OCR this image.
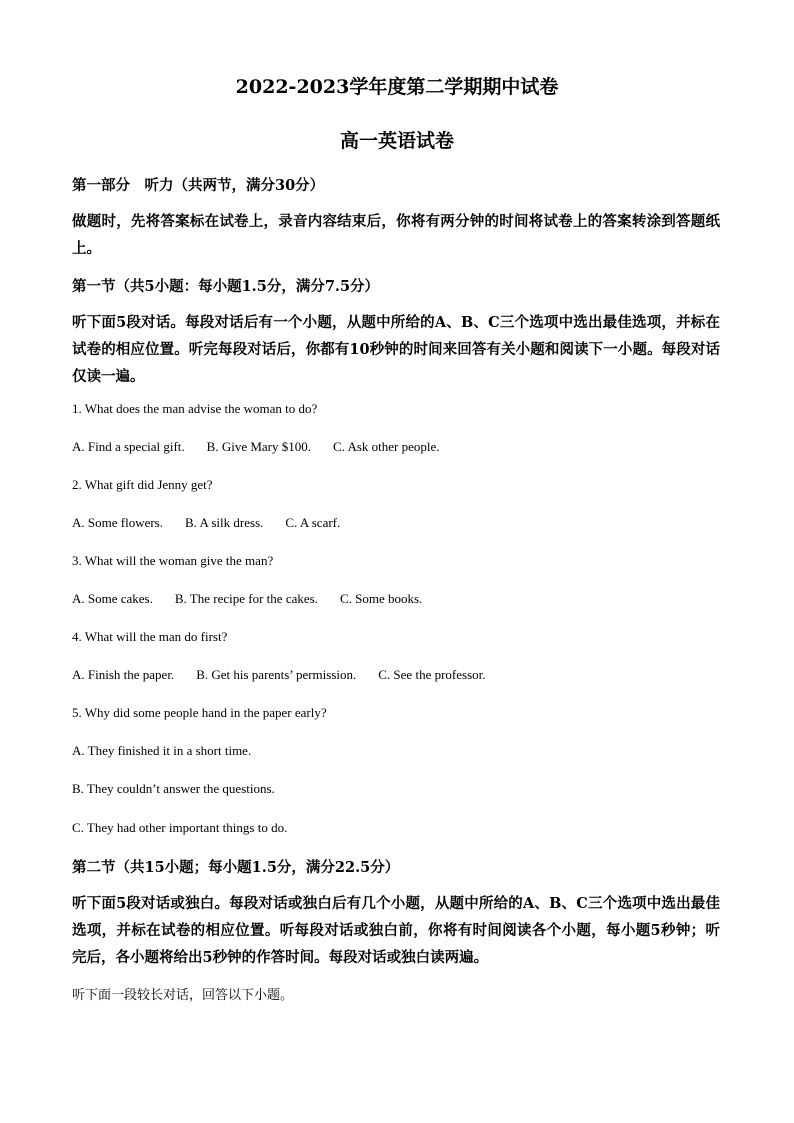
2022-2023学年度第二学期期中试卷
高一英语试卷
第一部分　听力（共两节，满分30分）
做题时，先将答案标在试卷上，录音内容结束后，你将有两分钟的时间将试卷上的答案转涂到答题纸上。
第一节（共5小题：每小题1.5分，满分7.5分）
听下面5段对话。每段对话后有一个小题，从题中所给的A、B、C三个选项中选出最佳选项，并标在试卷的相应位置。听完每段对话后，你都有10秒钟的时间来回答有关小题和阅读下一小题。每段对话仅读一遍。
1. What does the man advise the woman to do?
A. Find a special gift. B. Give Mary $100. C. Ask other people.
2. What gift did Jenny get?
A. Some flowers. B. A silk dress. C. A scarf.
3. What will the woman give the man?
A. Some cakes. B. The recipe for the cakes. C. Some books.
4. What will the man do first?
A. Finish the paper. B. Get his parents’ permission. C. See the professor.
5. Why did some people hand in the paper early?
A. They finished it in a short time.
B. They couldn’t answer the questions.
C. They had other important things to do.
第二节（共15小题；每小题1.5分，满分22.5分）
听下面5段对话或独白。每段对话或独白后有几个小题，从题中所给的A、B、C三个选项中选出最佳选项，并标在试卷的相应位置。听每段对话或独白前，你将有时间阅读各个小题，每小题5秒钟；听完后，各小题将给出5秒钟的作答时间。每段对话或独白读两遍。
听下面一段较长对话，回答以下小题。
